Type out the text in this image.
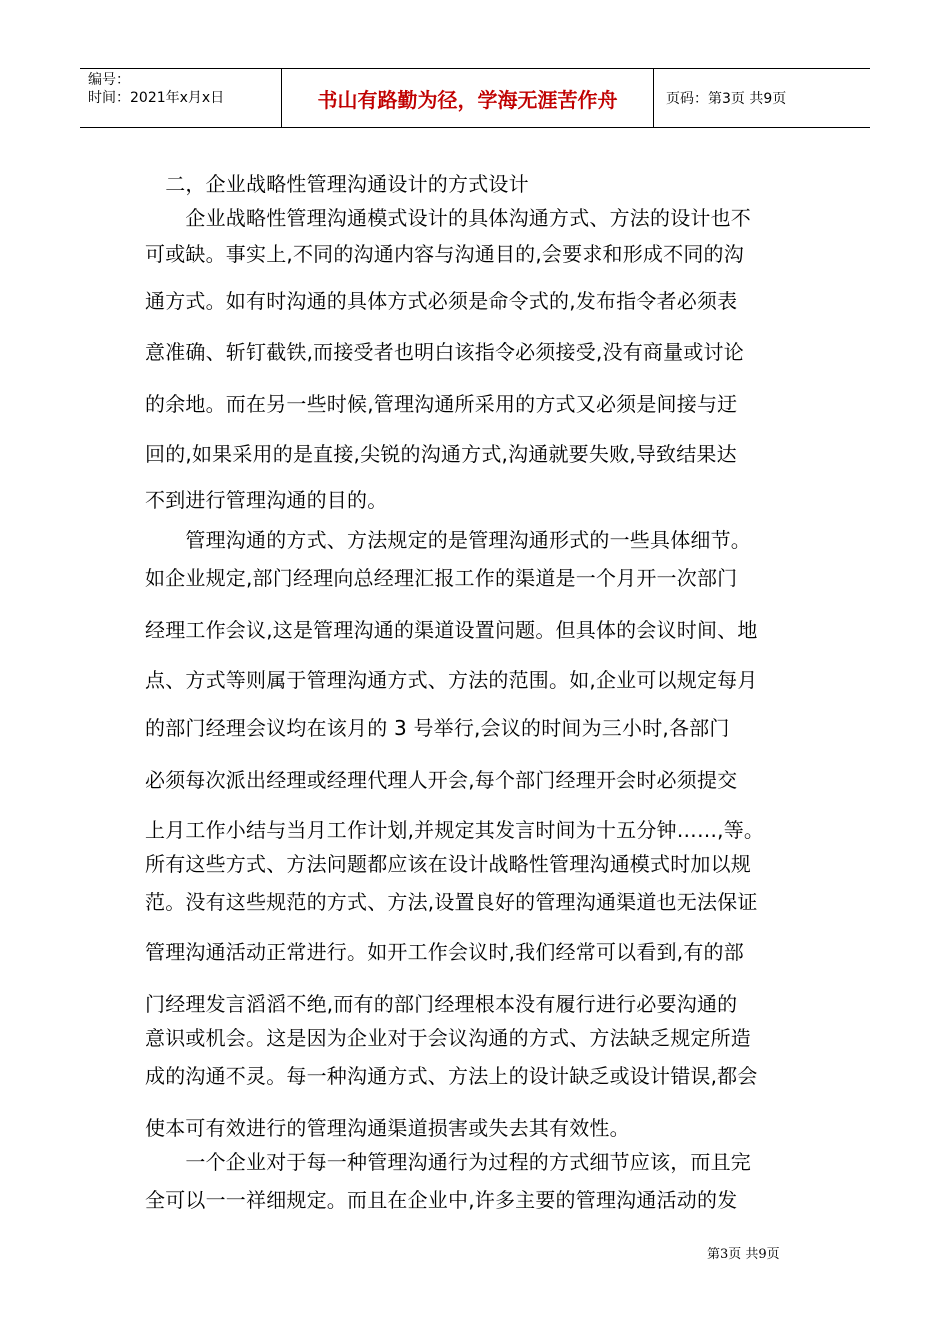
编号：
时间：2021年x月x日	书山有路勤为径，学海无涯苦作舟	页码：第3页 共9页
　二，企业战略性管理沟通设计的方式设计
　　企业战略性管理沟通模式设计的具体沟通方式、方法的设计也不
可或缺。事实上,不同的沟通内容与沟通目的,会要求和形成不同的沟
通方式。如有时沟通的具体方式必须是命令式的,发布指令者必须表
意准确、斩钉截铁,而接受者也明白该指令必须接受,没有商量或讨论
的余地。而在另一些时候,管理沟通所采用的方式又必须是间接与迂
回的,如果采用的是直接,尖锐的沟通方式,沟通就要失败,导致结果达
不到进行管理沟通的目的。
　　管理沟通的方式、方法规定的是管理沟通形式的一些具体细节。
如企业规定,部门经理向总经理汇报工作的渠道是一个月开一次部门
经理工作会议,这是管理沟通的渠道设置问题。但具体的会议时间、地
点、方式等则属于管理沟通方式、方法的范围。如,企业可以规定每月
的部门经理会议均在该月的 3 号举行,会议的时间为三小时,各部门
必须每次派出经理或经理代理人开会,每个部门经理开会时必须提交
上月工作小结与当月工作计划,并规定其发言时间为十五分钟……,等。
所有这些方式、方法问题都应该在设计战略性管理沟通模式时加以规
范。没有这些规范的方式、方法,设置良好的管理沟通渠道也无法保证
管理沟通活动正常进行。如开工作会议时,我们经常可以看到,有的部
门经理发言滔滔不绝,而有的部门经理根本没有履行进行必要沟通的
意识或机会。这是因为企业对于会议沟通的方式、方法缺乏规定所造
成的沟通不灵。每一种沟通方式、方法上的设计缺乏或设计错误,都会
使本可有效进行的管理沟通渠道损害或失去其有效性。
　　一个企业对于每一种管理沟通行为过程的方式细节应该，而且完
全可以一一祥细规定。而且在企业中,许多主要的管理沟通活动的发
第3页 共9页
